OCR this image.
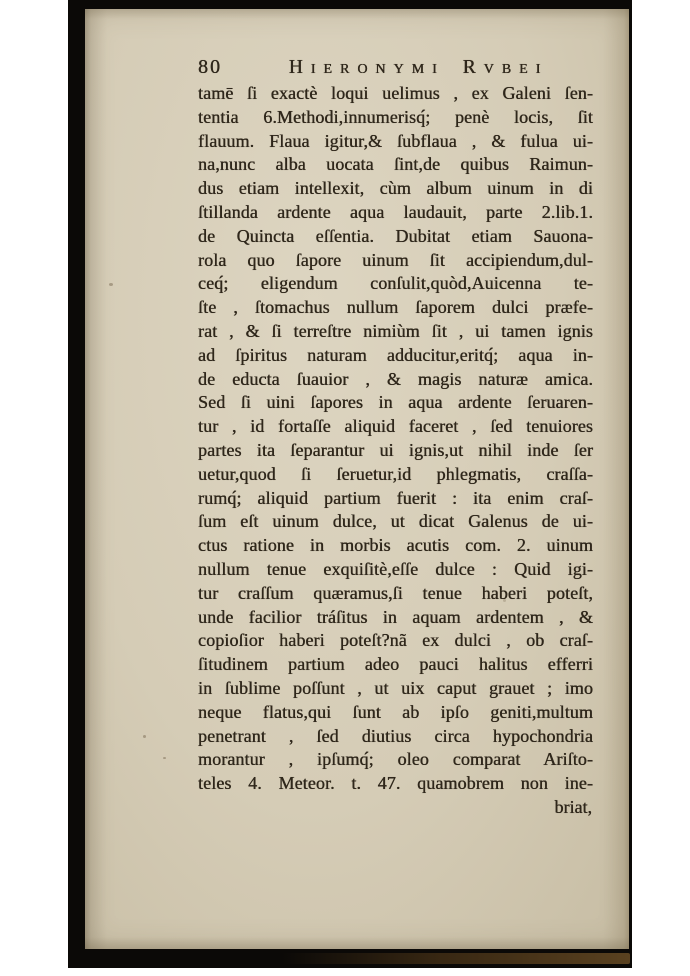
80	Hieronymi Rvbei
tamē ſi exactè loqui uelimus , ex Galeni ſen-
tentia 6.Methodi,innumerisq́; penè locis, ſit
flauum. Flaua igitur,& ſubflaua , & fulua ui-
na,nunc alba uocata ſint,de quibus Raimun-
dus etiam intellexit, cùm album uinum in di
ſtillanda ardente aqua laudauit, parte 2.lib.1.
de Quincta eſſentia. Dubitat etiam Sauona-
rola quo ſapore uinum ſit accipiendum,dul-
ceq́; eligendum conſulit,quòd,Auicenna te-
ſte , ſtomachus nullum ſaporem dulci præfe-
rat , & ſi terreſtre nimiùm ſit , ui tamen ignis
ad ſpiritus naturam adducitur,eritq́; aqua in-
de educta ſuauior , & magis naturæ amica.
Sed ſi uini ſapores in aqua ardente ſeruaren-
tur , id fortaſſe aliquid faceret , ſed tenuiores
partes ita ſeparantur ui ignis,ut nihil inde ſer
uetur,quod ſi ſeruetur,id phlegmatis, craſſa-
rumq́; aliquid partium fuerit : ita enim craſ-
ſum eſt uinum dulce, ut dicat Galenus de ui-
ctus ratione in morbis acutis com. 2. uinum
nullum tenue exquiſitè,eſſe dulce : Quid igi-
tur craſſum quæramus,ſi tenue haberi poteſt,
unde facilior tráſitus in aquam ardentem , &
copioſior haberi poteſt?nã ex dulci , ob craſ-
ſitudinem partium adeo pauci halitus efferri
in ſublime poſſunt , ut uix caput grauet ; imo
neque flatus,qui ſunt ab ipſo geniti,multum
penetrant , ſed diutius circa hypochondria
morantur , ipſumq́; oleo comparat Ariſto-
teles 4. Meteor. t. 47. quamobrem non ine-
briat,
